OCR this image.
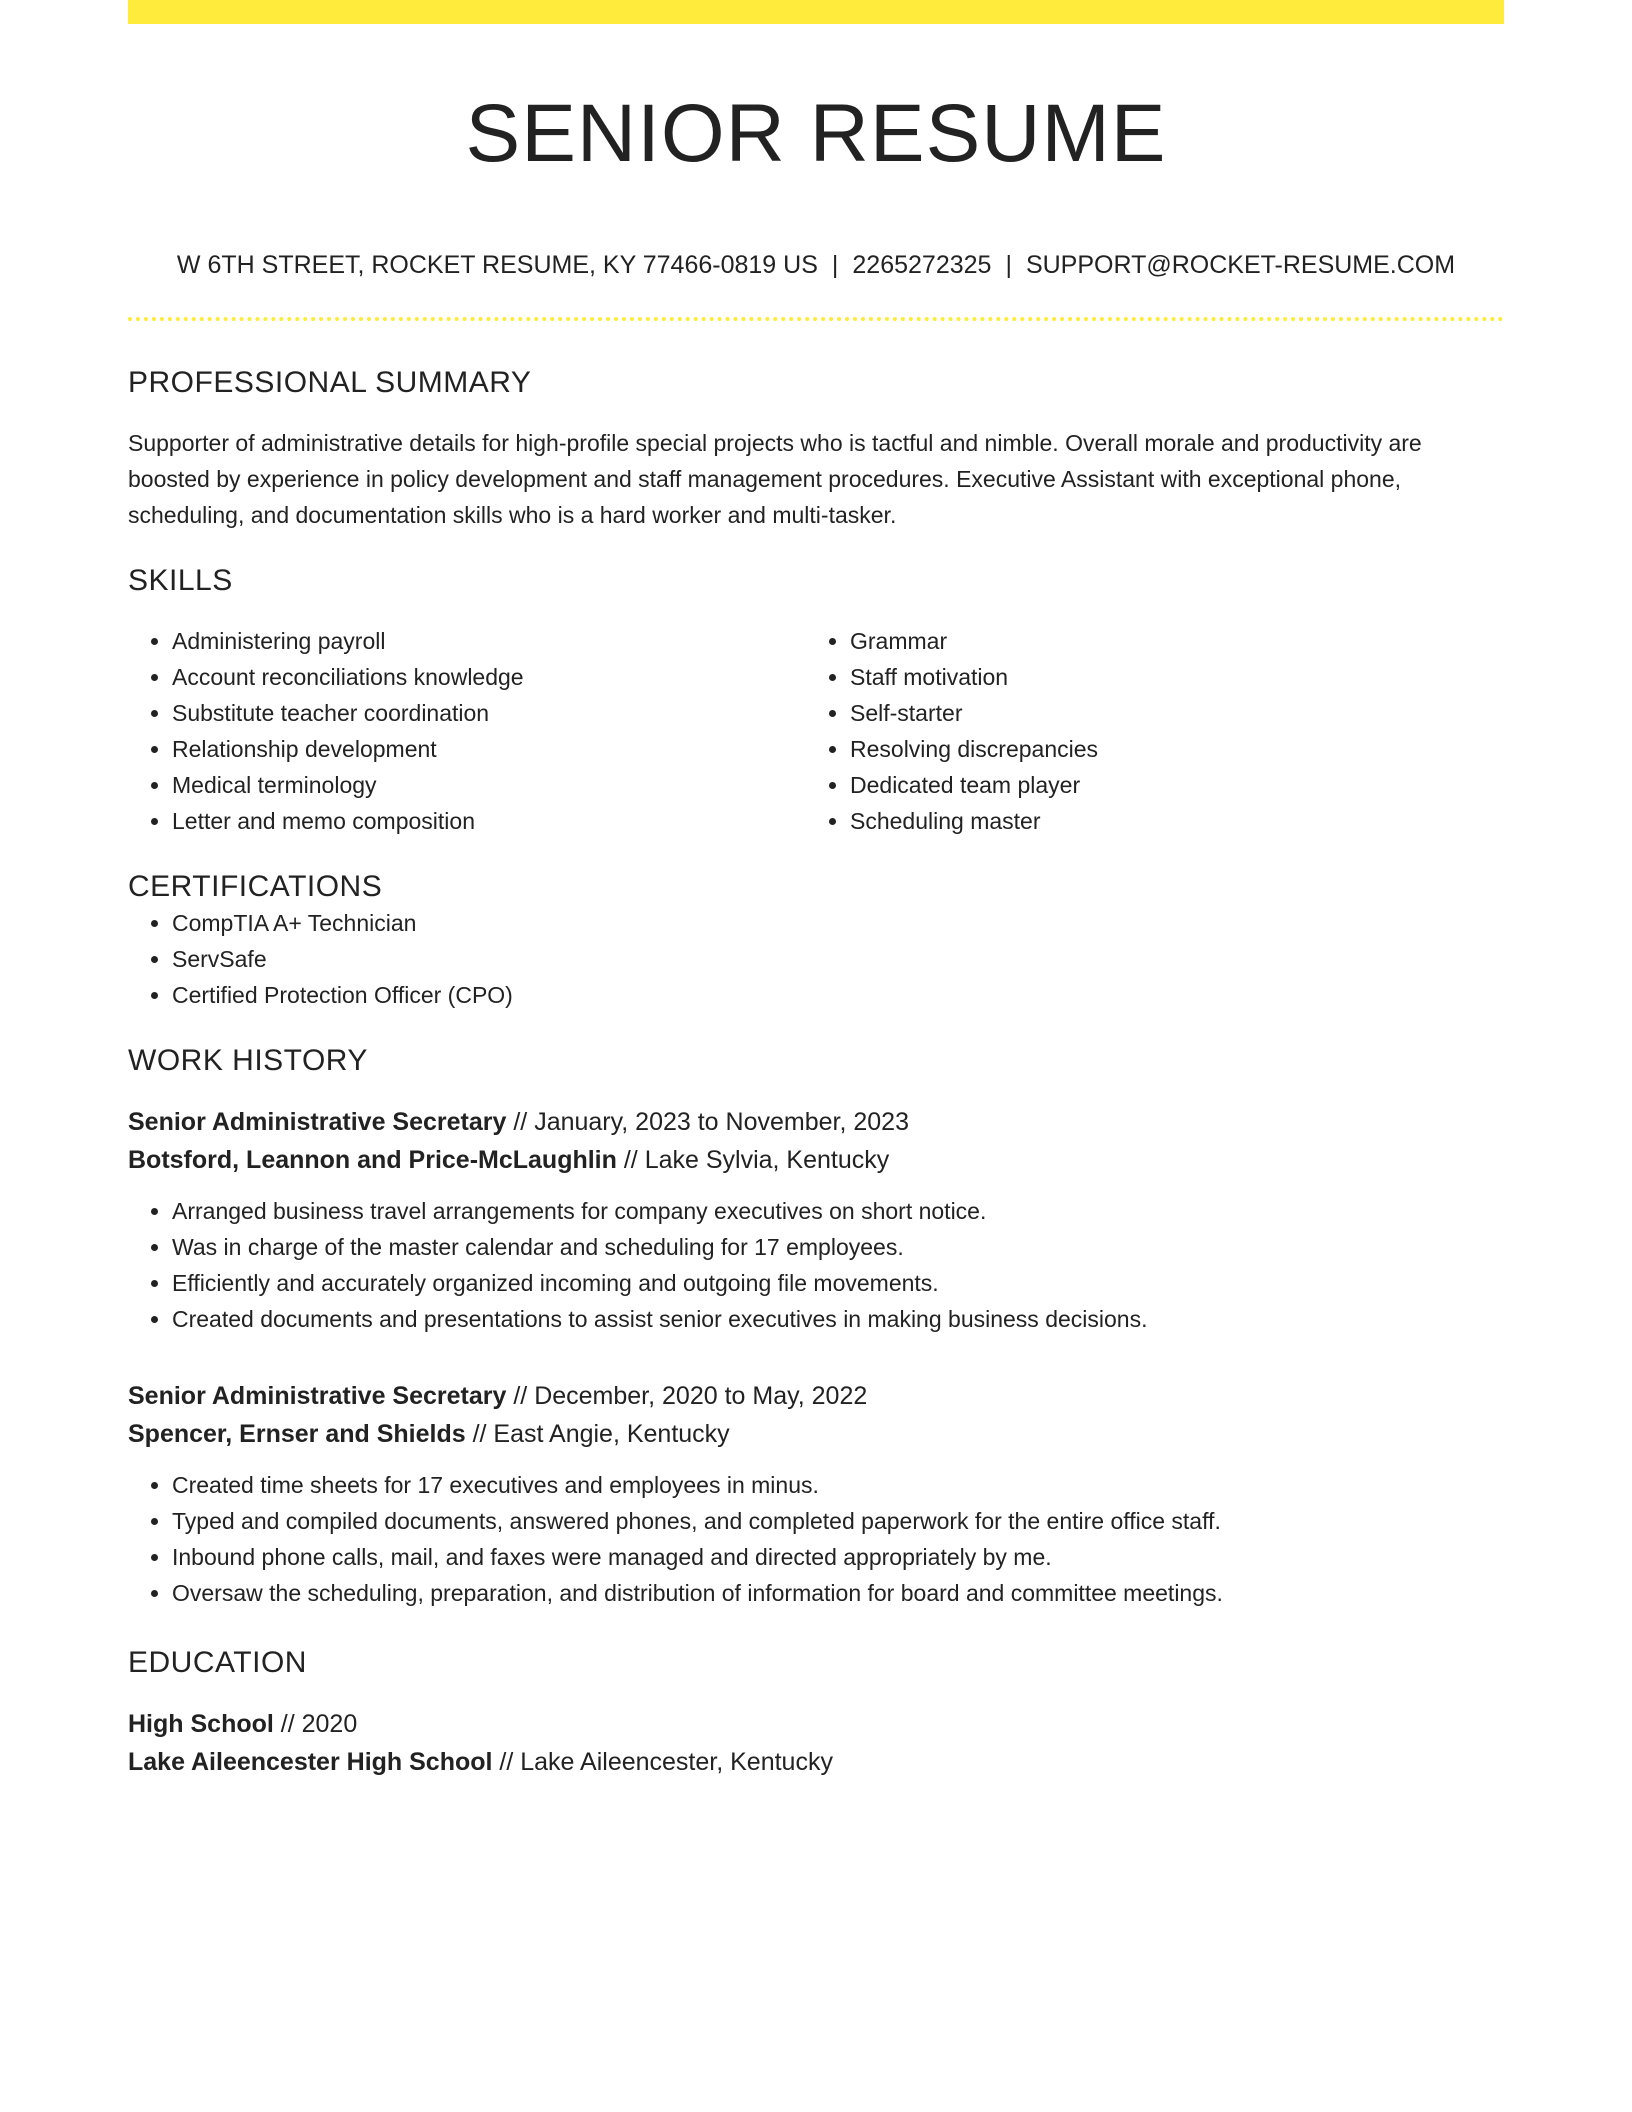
SENIOR RESUME
W 6TH STREET, ROCKET RESUME, KY 77466-0819 US | 2265272325 | SUPPORT@ROCKET-RESUME.COM
PROFESSIONAL SUMMARY
Supporter of administrative details for high-profile special projects who is tactful and nimble. Overall morale and productivity are boosted by experience in policy development and staff management procedures. Executive Assistant with exceptional phone, scheduling, and documentation skills who is a hard worker and multi-tasker.
SKILLS
• Administering payroll
• Account reconciliations knowledge
• Substitute teacher coordination
• Relationship development
• Medical terminology
• Letter and memo composition
• Grammar
• Staff motivation
• Self-starter
• Resolving discrepancies
• Dedicated team player
• Scheduling master
CERTIFICATIONS
• CompTIA A+ Technician
• ServSafe
• Certified Protection Officer (CPO)
WORK HISTORY
Senior Administrative Secretary // January, 2023 to November, 2023
Botsford, Leannon and Price-McLaughlin // Lake Sylvia, Kentucky
• Arranged business travel arrangements for company executives on short notice.
• Was in charge of the master calendar and scheduling for 17 employees.
• Efficiently and accurately organized incoming and outgoing file movements.
• Created documents and presentations to assist senior executives in making business decisions.
Senior Administrative Secretary // December, 2020 to May, 2022
Spencer, Ernser and Shields // East Angie, Kentucky
• Created time sheets for 17 executives and employees in minus.
• Typed and compiled documents, answered phones, and completed paperwork for the entire office staff.
• Inbound phone calls, mail, and faxes were managed and directed appropriately by me.
• Oversaw the scheduling, preparation, and distribution of information for board and committee meetings.
EDUCATION
High School // 2020
Lake Aileencester High School // Lake Aileencester, Kentucky
